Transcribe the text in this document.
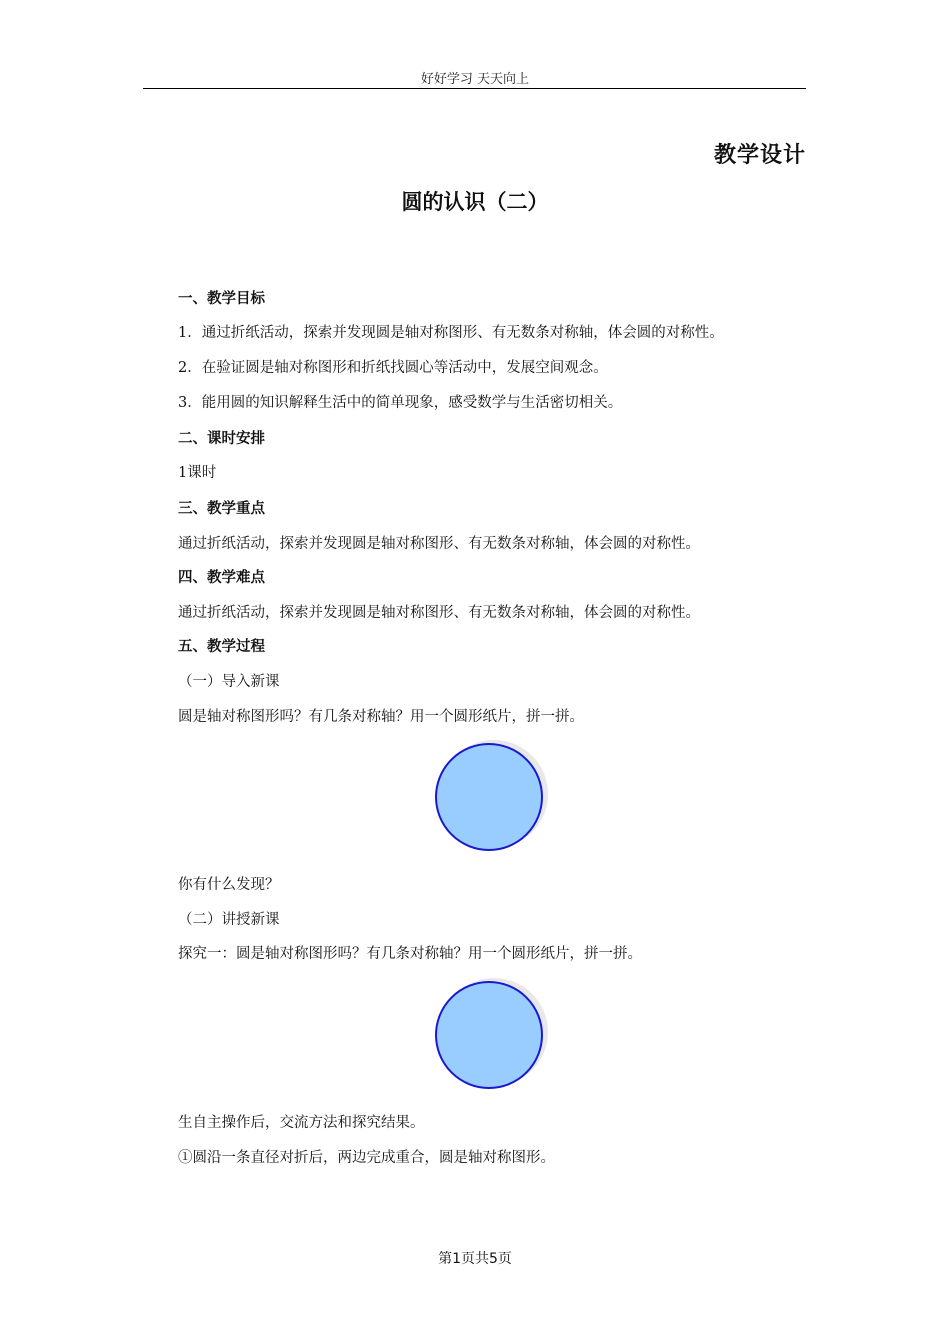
好好学习 天天向上
教学设计
圆的认识（二）
一、教学目标
1．通过折纸活动，探索并发现圆是轴对称图形、有无数条对称轴，体会圆的对称性。
2．在验证圆是轴对称图形和折纸找圆心等活动中，发展空间观念。
3．能用圆的知识解释生活中的简单现象，感受数学与生活密切相关。
二、课时安排
1课时
三、教学重点
通过折纸活动，探索并发现圆是轴对称图形、有无数条对称轴，体会圆的对称性。
四、教学难点
通过折纸活动，探索并发现圆是轴对称图形、有无数条对称轴，体会圆的对称性。
五、教学过程
（一）导入新课
圆是轴对称图形吗？有几条对称轴？用一个圆形纸片，拼一拼。
你有什么发现？
（二）讲授新课
探究一：圆是轴对称图形吗？有几条对称轴？用一个圆形纸片，拼一拼。
生自主操作后，交流方法和探究结果。
①圆沿一条直径对折后，两边完成重合，圆是轴对称图形。
第1页共5页
